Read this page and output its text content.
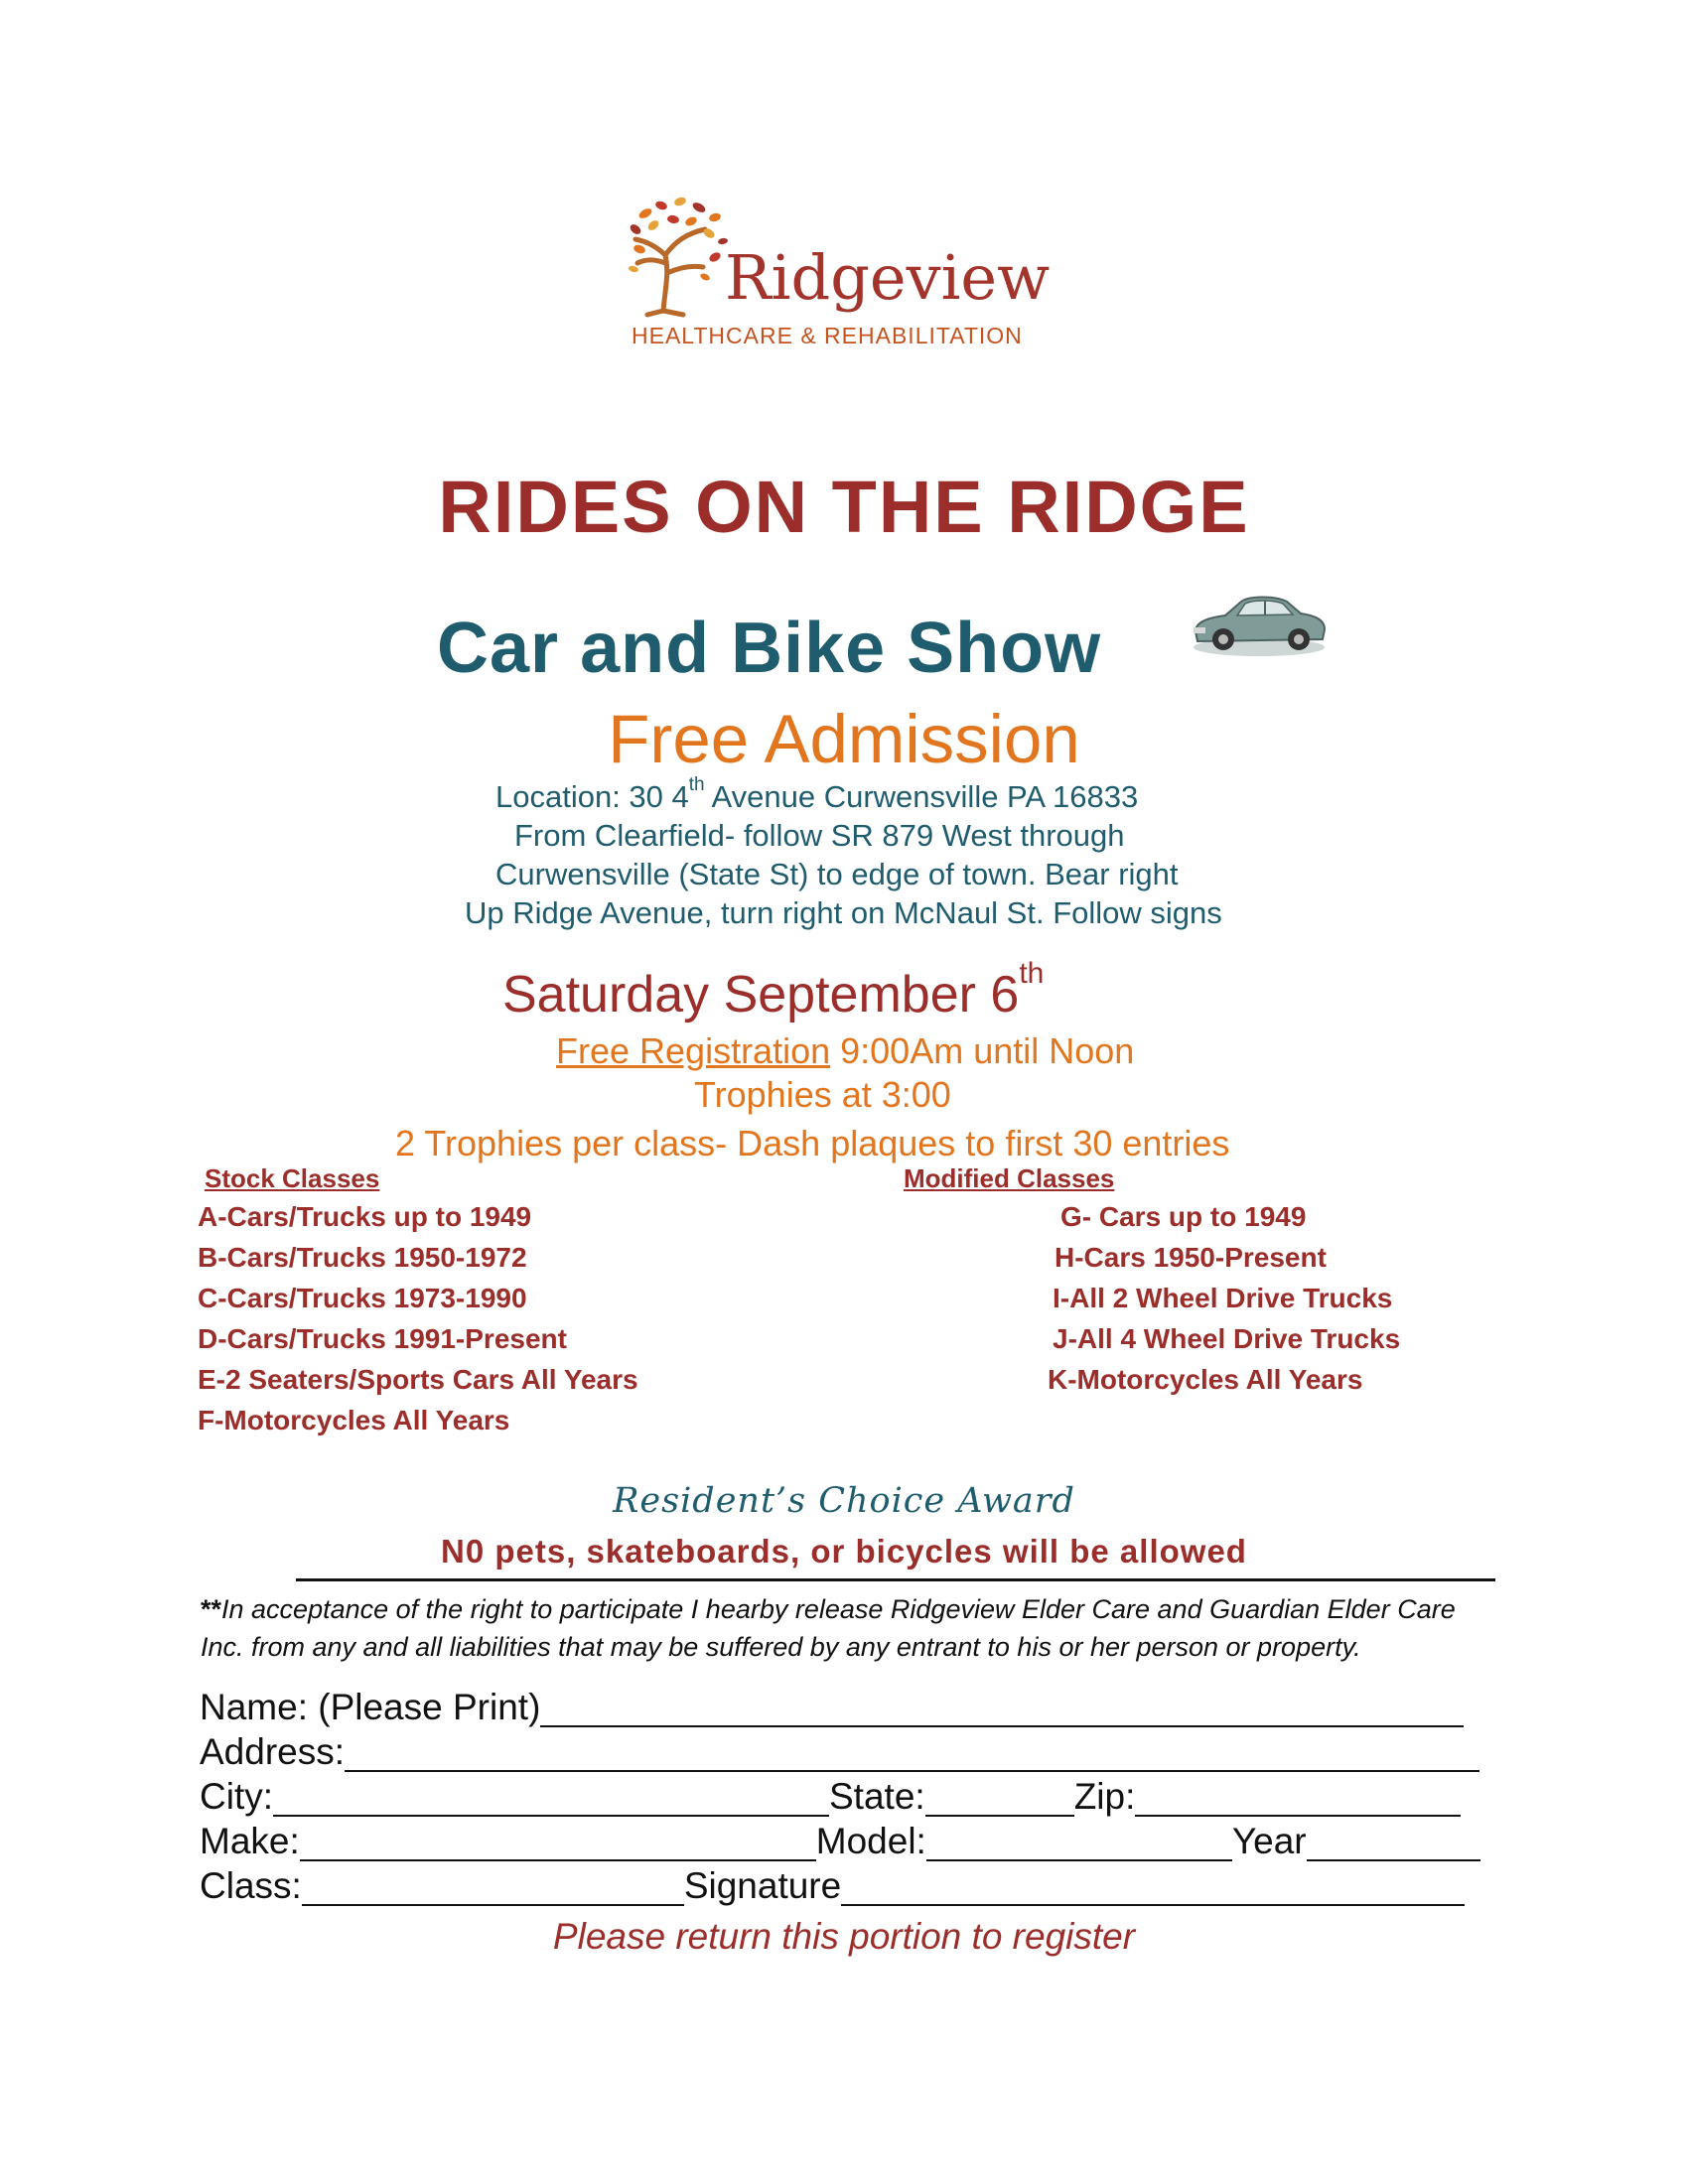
Ridgeview
HEALTHCARE & REHABILITATION
RIDES ON THE RIDGE
Car and Bike Show
Free Admission
Location: 30 4th Avenue Curwensville PA 16833
From Clearfield- follow SR 879 West through
Curwensville (State St) to edge of town. Bear right
Up Ridge Avenue, turn right on McNaul St. Follow signs
Saturday September 6th
Free Registration 9:00Am until Noon
Trophies at 3:00
2 Trophies per class- Dash plaques to first 30 entries
Stock Classes	Modified Classes
A-Cars/Trucks up to 1949
B-Cars/Trucks 1950-1972
C-Cars/Trucks 1973-1990
D-Cars/Trucks 1991-Present
E-2 Seaters/Sports Cars All Years
F-Motorcycles All Years
G- Cars up to 1949
H-Cars 1950-Present
I-All 2 Wheel Drive Trucks
J-All 4 Wheel Drive Trucks
K-Motorcycles All Years
Resident’s Choice Award
N0 pets, skateboards, or bicycles will be allowed
**In acceptance of the right to participate I hearby release Ridgeview Elder Care and Guardian Elder Care Inc. from any and all liabilities that may be suffered by any entrant to his or her person or property.
Name: (Please Print)
Address:
City:	State:	Zip:
Make:	Model:	Year
Class:	Signature
Please return this portion to register
